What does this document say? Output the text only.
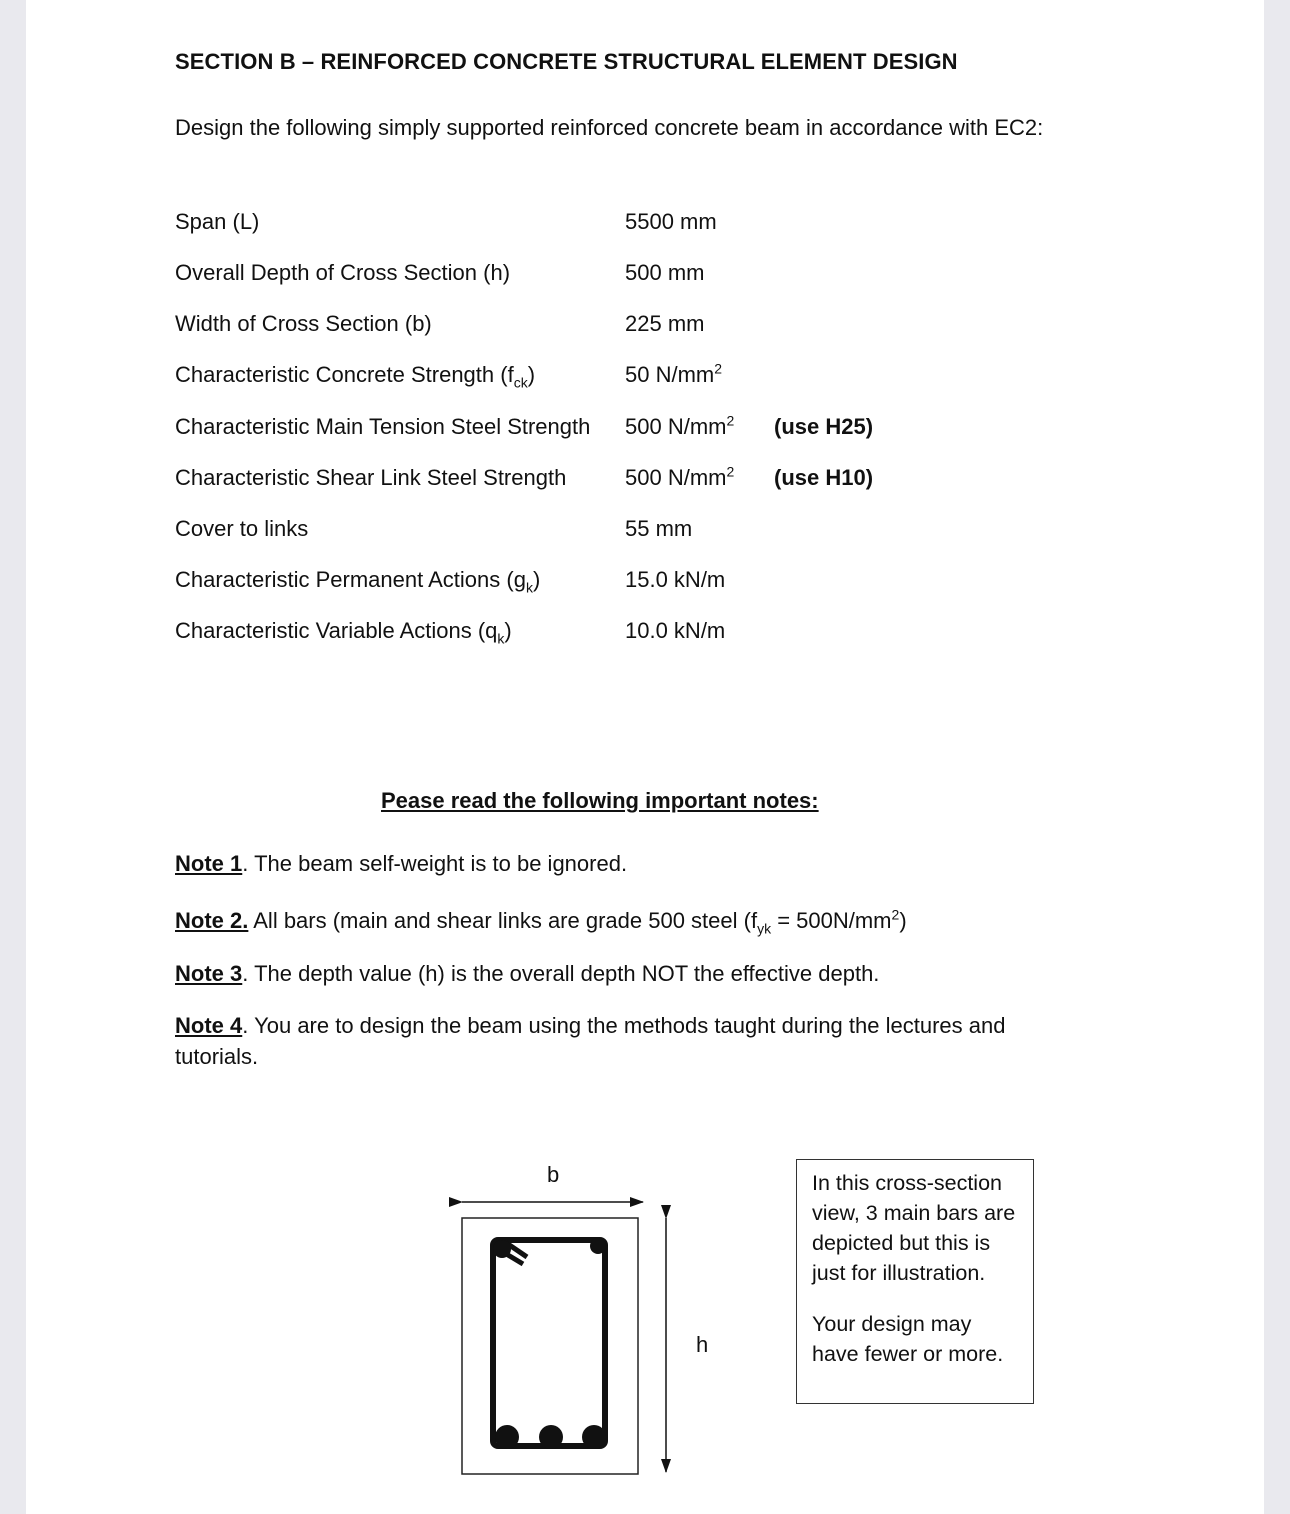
SECTION B – REINFORCED CONCRETE STRUCTURAL ELEMENT DESIGN
Design the following simply supported reinforced concrete beam in accordance with EC2:
Span (L)	5500 mm
Overall Depth of Cross Section (h)	500 mm
Width of Cross Section (b)	225 mm
Characteristic Concrete Strength $(f_{ck})$	50 $N/mm^2$
Characteristic Main Tension Steel Strength 500 $N/mm^2$ (use H25)
Characteristic Shear Link Steel Strength	500 $N/mm^2$ (use H10)
Cover to links	55 mm
Characteristic Permanent Actions $(g_k)$	15.0 kN/m
Characteristic Variable Actions $(q_k)$	10.0 kN/m
Pease read the following important notes:
Note 1. The beam self-weight is to be ignored.
Note 2. All bars (main and shear links are grade 500 steel $(f_{yk} = 500N/mm^2)$
Note 3. The depth value (h) is the overall depth NOT the effective depth.
Note 4. You are to design the beam using the methods taught during the lectures and tutorials.
b
h

In this cross-section view, 3 main bars are depicted but this is just for illustration.

Your design may have fewer or more.
